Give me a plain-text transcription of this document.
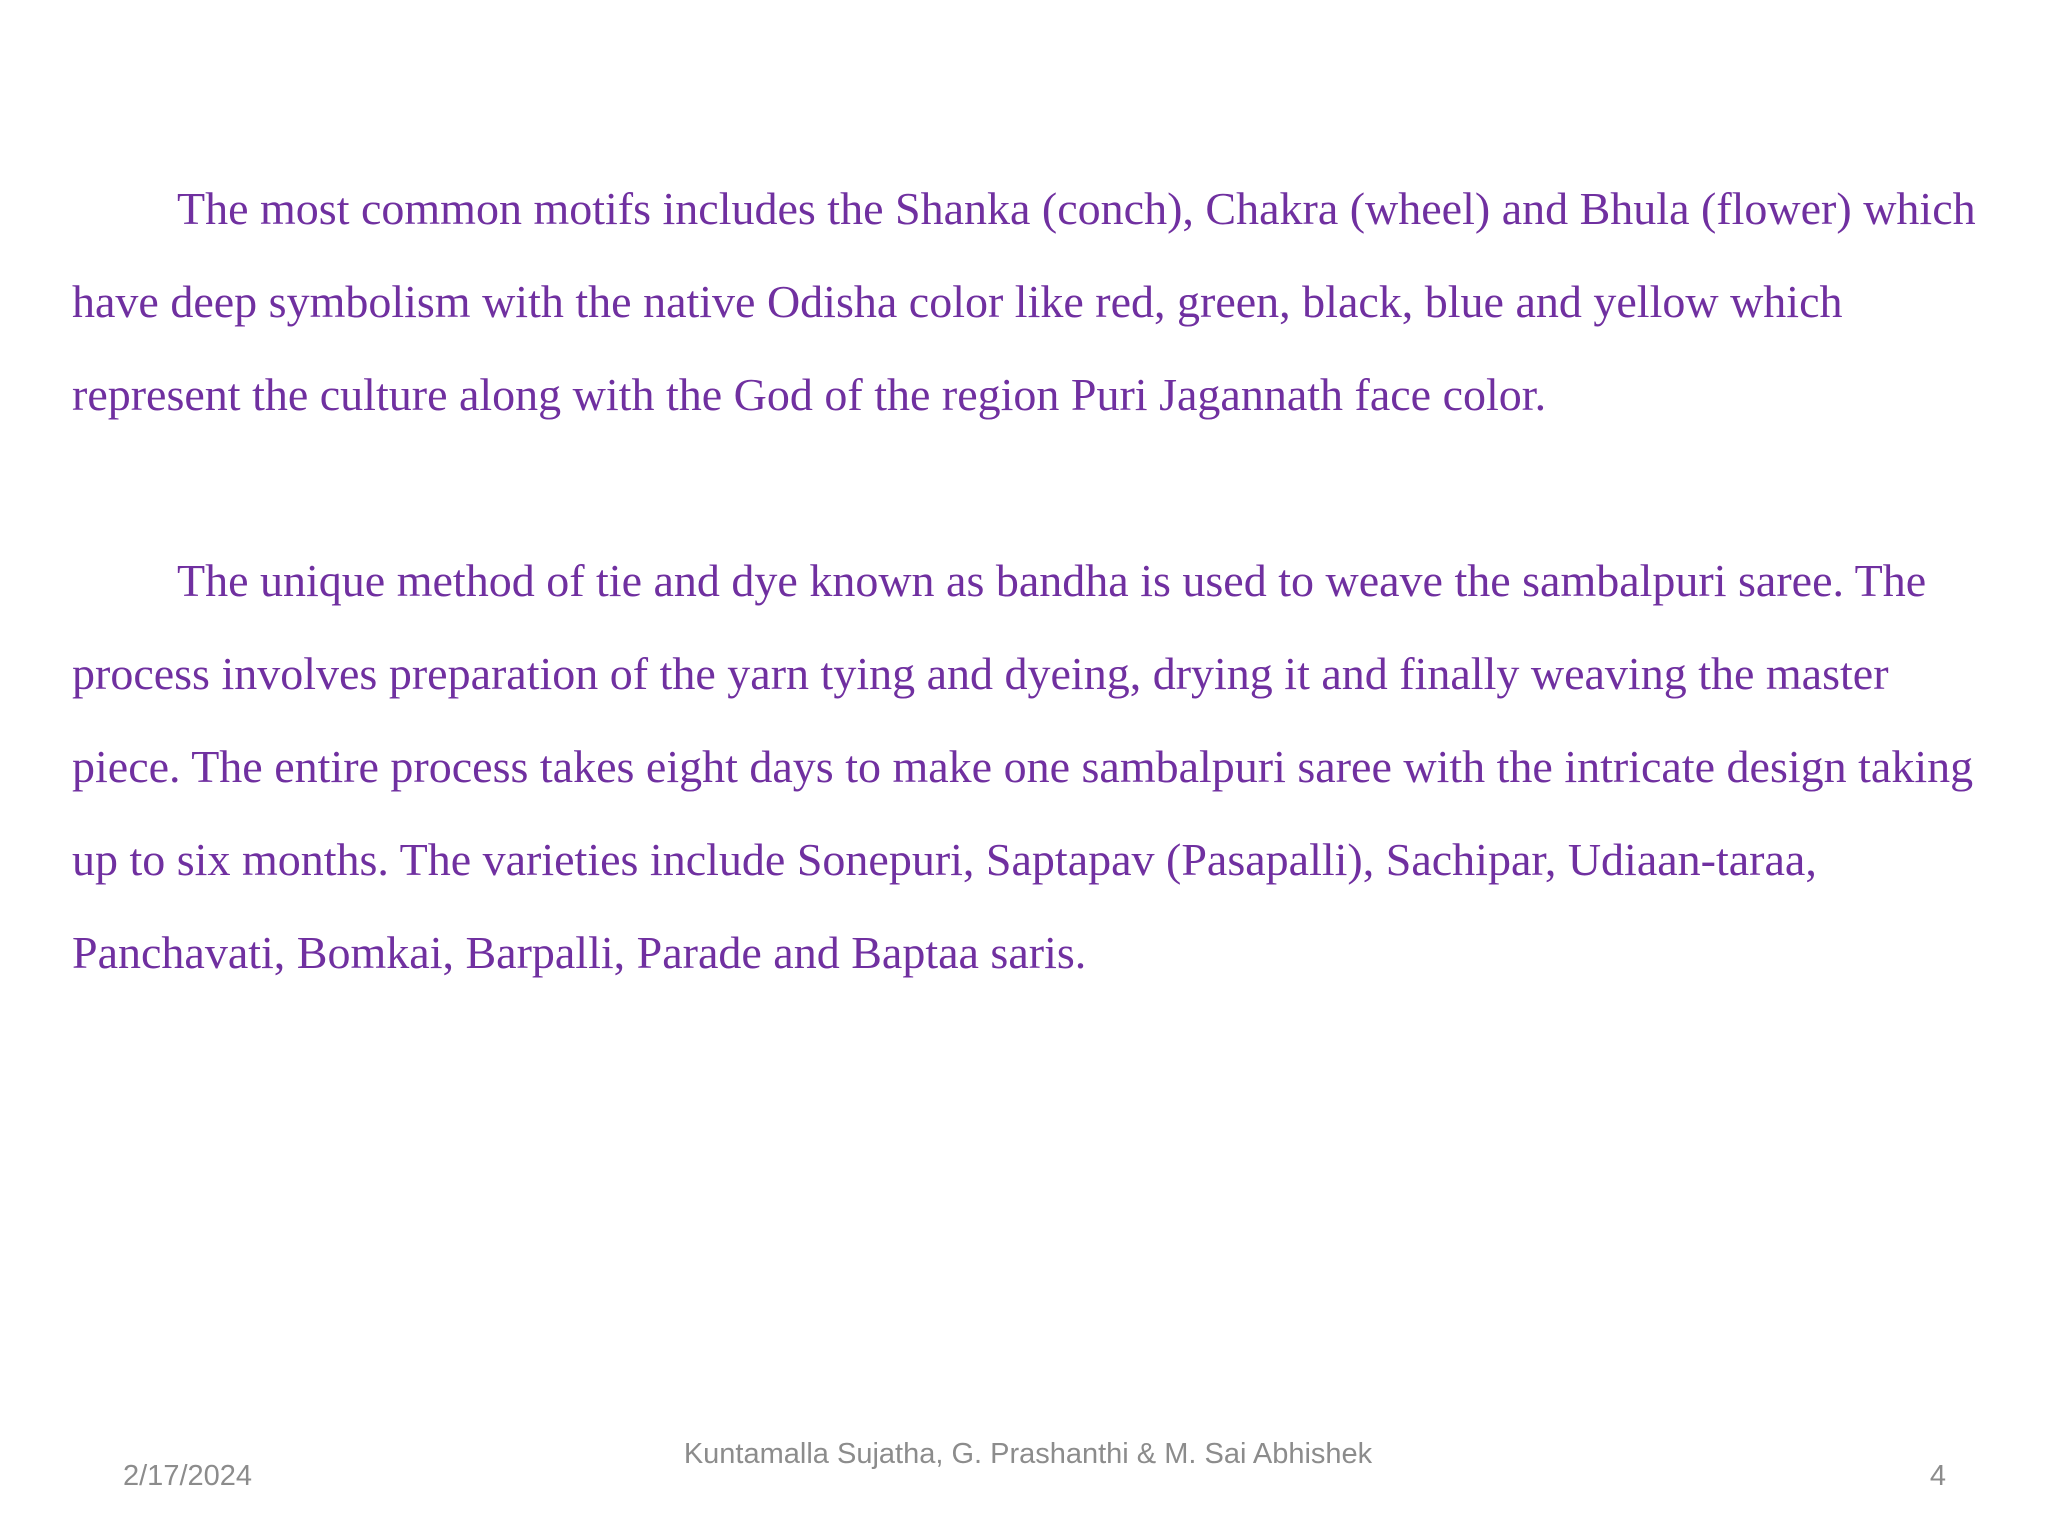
The most common motifs includes the Shanka (conch), Chakra (wheel) and Bhula (flower) which have deep symbolism with the native Odisha color like red, green, black, blue and yellow which represent the culture along with the God of the region Puri Jagannath face color.

The unique method of tie and dye known as bandha is used to weave the sambalpuri saree. The process involves preparation of the yarn tying and dyeing, drying it and finally weaving the master piece. The entire process takes eight days to make one sambalpuri saree with the intricate design taking up to six months. The varieties include Sonepuri, Saptapav (Pasapalli), Sachipar, Udiaan-taraa, Panchavati, Bomkai, Barpalli, Parade and Baptaa saris.

2/17/2024
Kuntamalla Sujatha, G. Prashanthi & M. Sai Abhishek
4
